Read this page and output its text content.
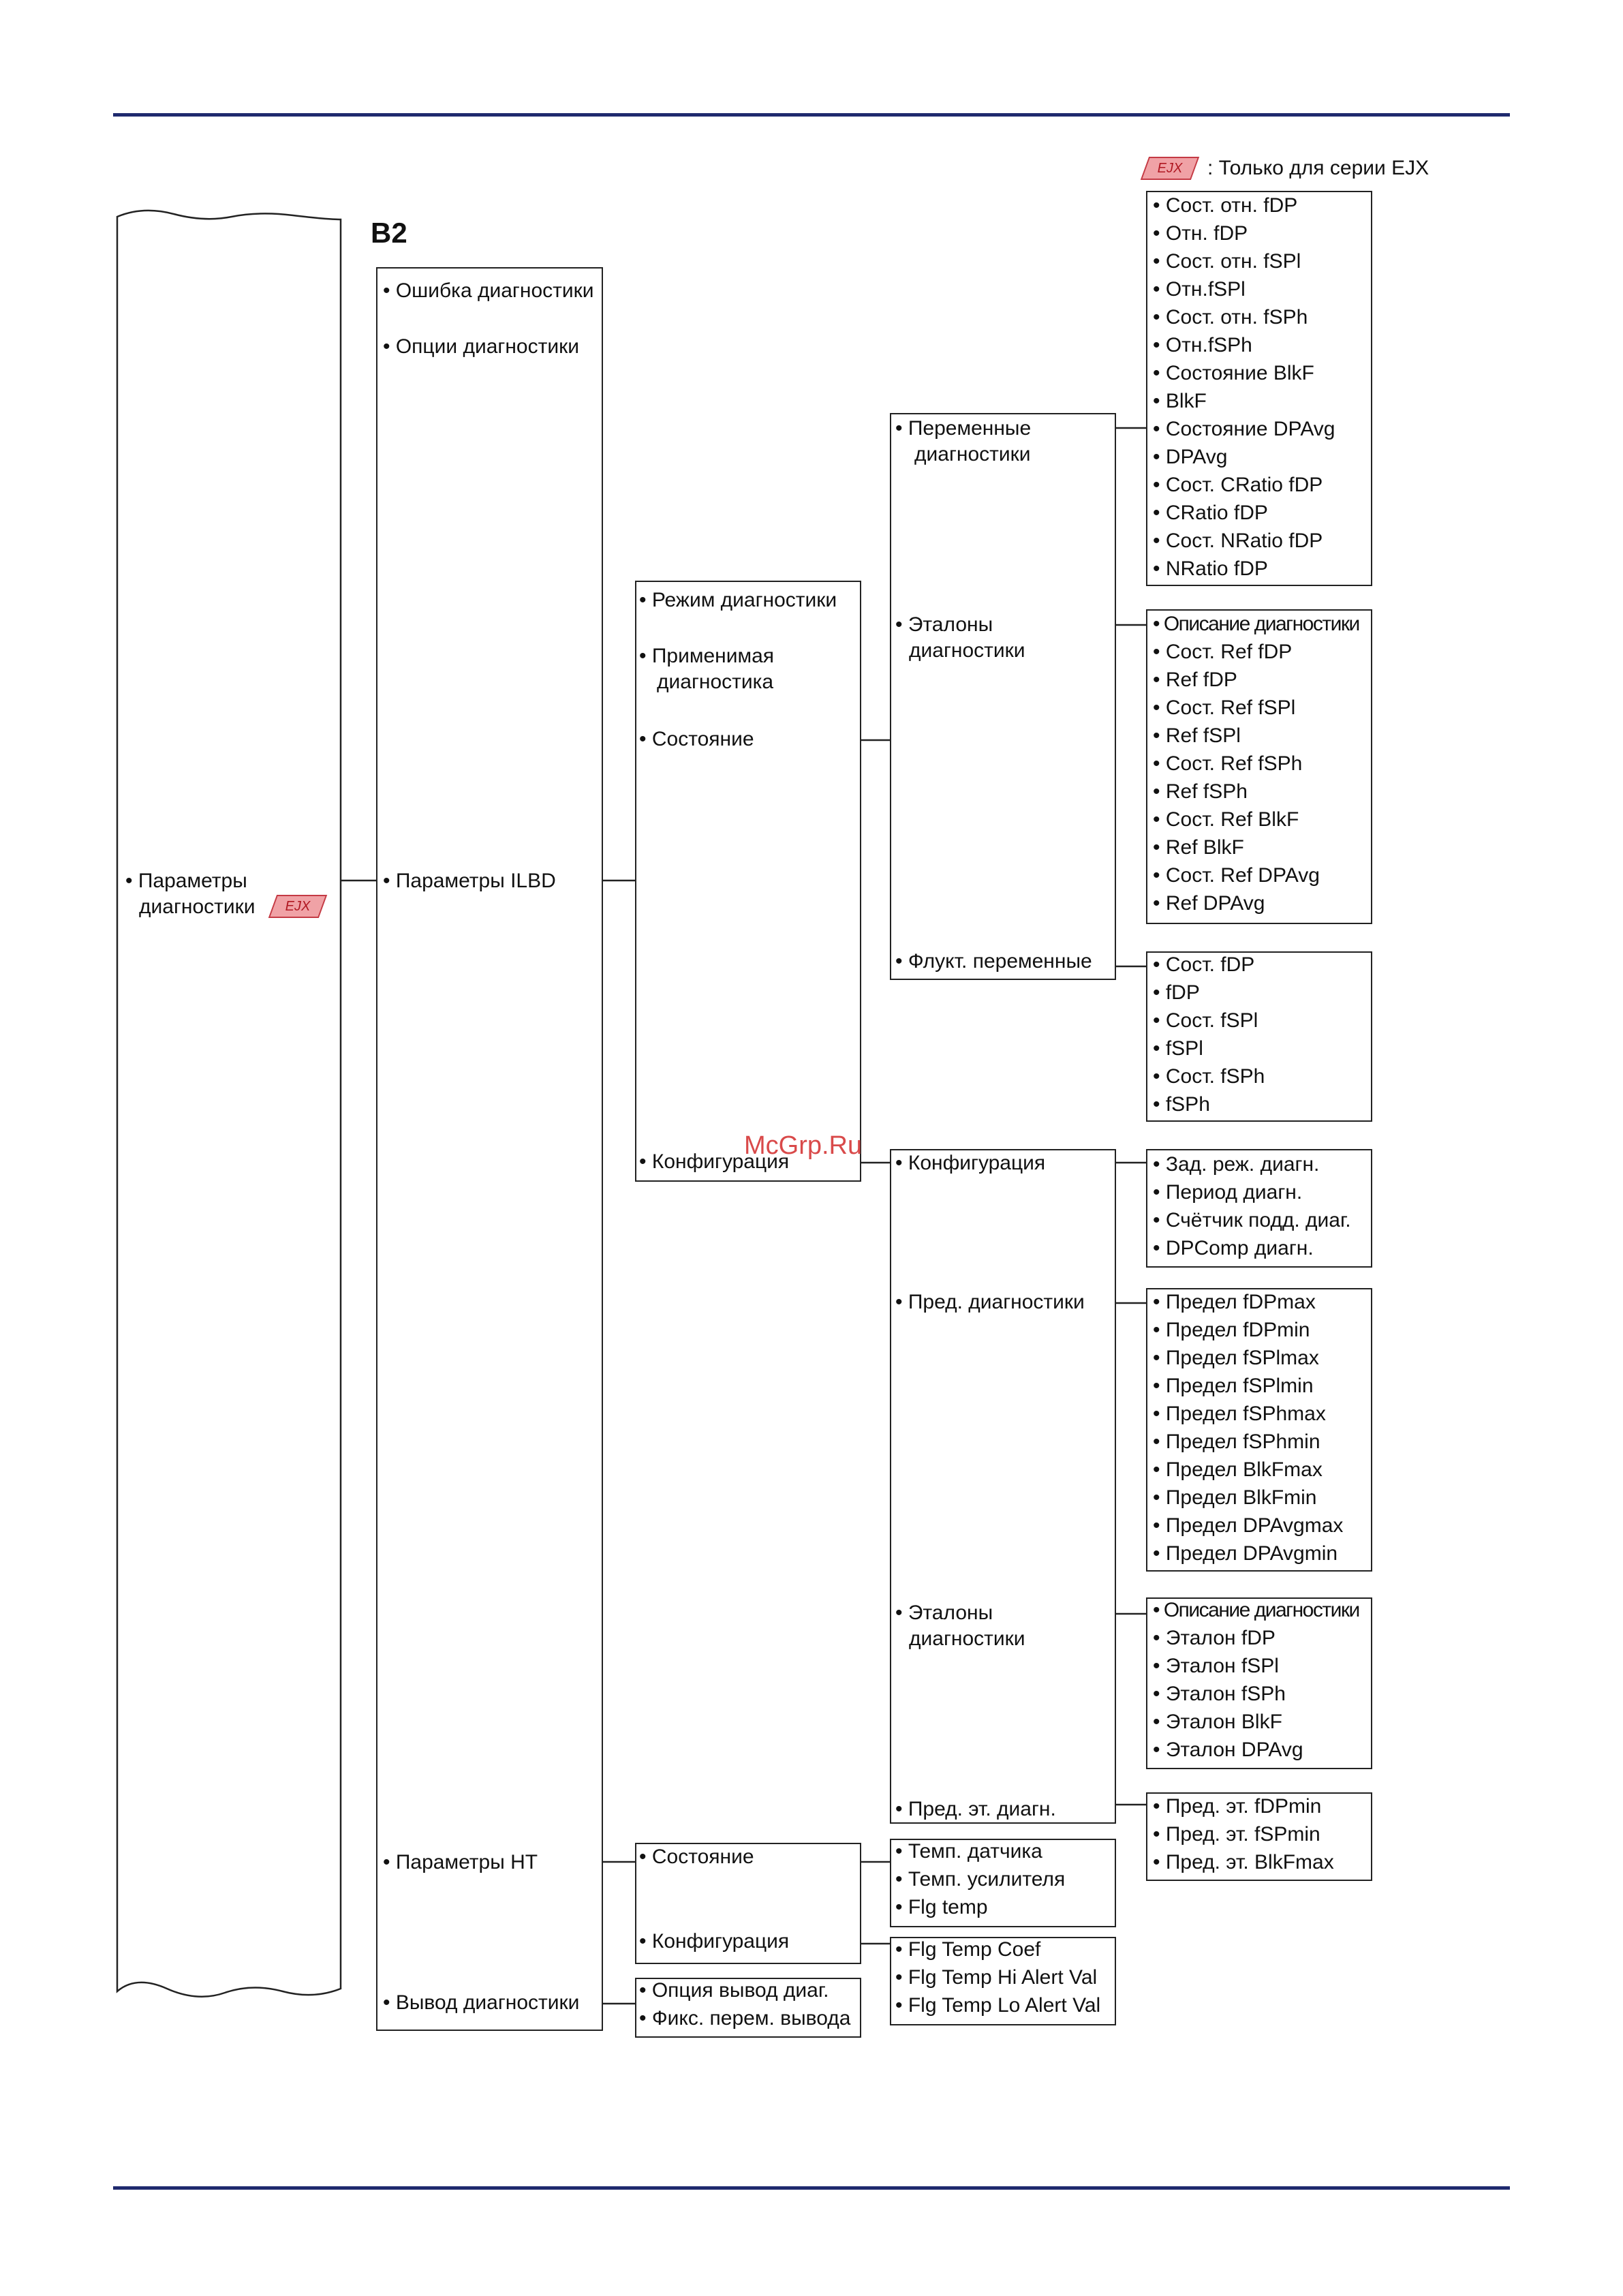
EJX	: Только для серии EJX
B2
• Параметры
диагностики	EJX
• Ошибка диагностики
• Опции диагностики
• Параметры ILBD
• Параметры HT
• Вывод диагностики
• Режим диагностики
• Применимая
диагностика
• Состояние
• Конфигурация
• Переменные
диагностики
• Эталоны
диагностики
• Флукт. переменные
• Конфигурация
• Пред. диагностики
• Эталоны
диагностики
• Пред. эт. диагн.
• Сост. отн. fDP
• Отн. fDP
• Сост. отн. fSPl
• Отн.fSPl
• Сост. отн. fSPh
• Отн.fSPh
• Состояние BlkF
• BlkF
• Состояние DPAvg
• DPAvg
• Сост. CRatio fDP
• CRatio fDP
• Сост. NRatio fDP
• NRatio fDP
• Описание диагностики
• Сост. Ref fDP
• Ref fDP
• Сост. Ref fSPl
• Ref fSPl
• Сост. Ref fSPh
• Ref fSPh
• Сост. Ref BlkF
• Ref BlkF
• Сост. Ref DPAvg
• Ref DPAvg
• Сост. fDP
• fDP
• Сост. fSPl
• fSPl
• Сост. fSPh
• fSPh
• Зад. реж. диагн.
• Период диагн.
• Счётчик подд. диаг.
• DPComp диагн.
• Предел fDPmax
• Предел fDPmin
• Предел fSPlmax
• Предел fSPlmin
• Предел fSPhmax
• Предел fSPhmin
• Предел BlkFmax
• Предел BlkFmin
• Предел DPAvgmax
• Предел DPAvgmin
• Описание диагностики
• Эталон fDP
• Эталон fSPl
• Эталон fSPh
• Эталон BlkF
• Эталон DPAvg
• Пред. эт. fDPmin
• Пред. эт. fSPmin
• Пред. эт. BlkFmax
• Состояние
• Конфигурация
• Темп. датчика
• Темп. усилителя
• Flg temp
• Flg Temp Coef
• Flg Temp Hi Alert Val
• Flg Temp Lo Alert Val
• Опция вывод диаг.
• Фикс. перем. вывода
McGrp.Ru
